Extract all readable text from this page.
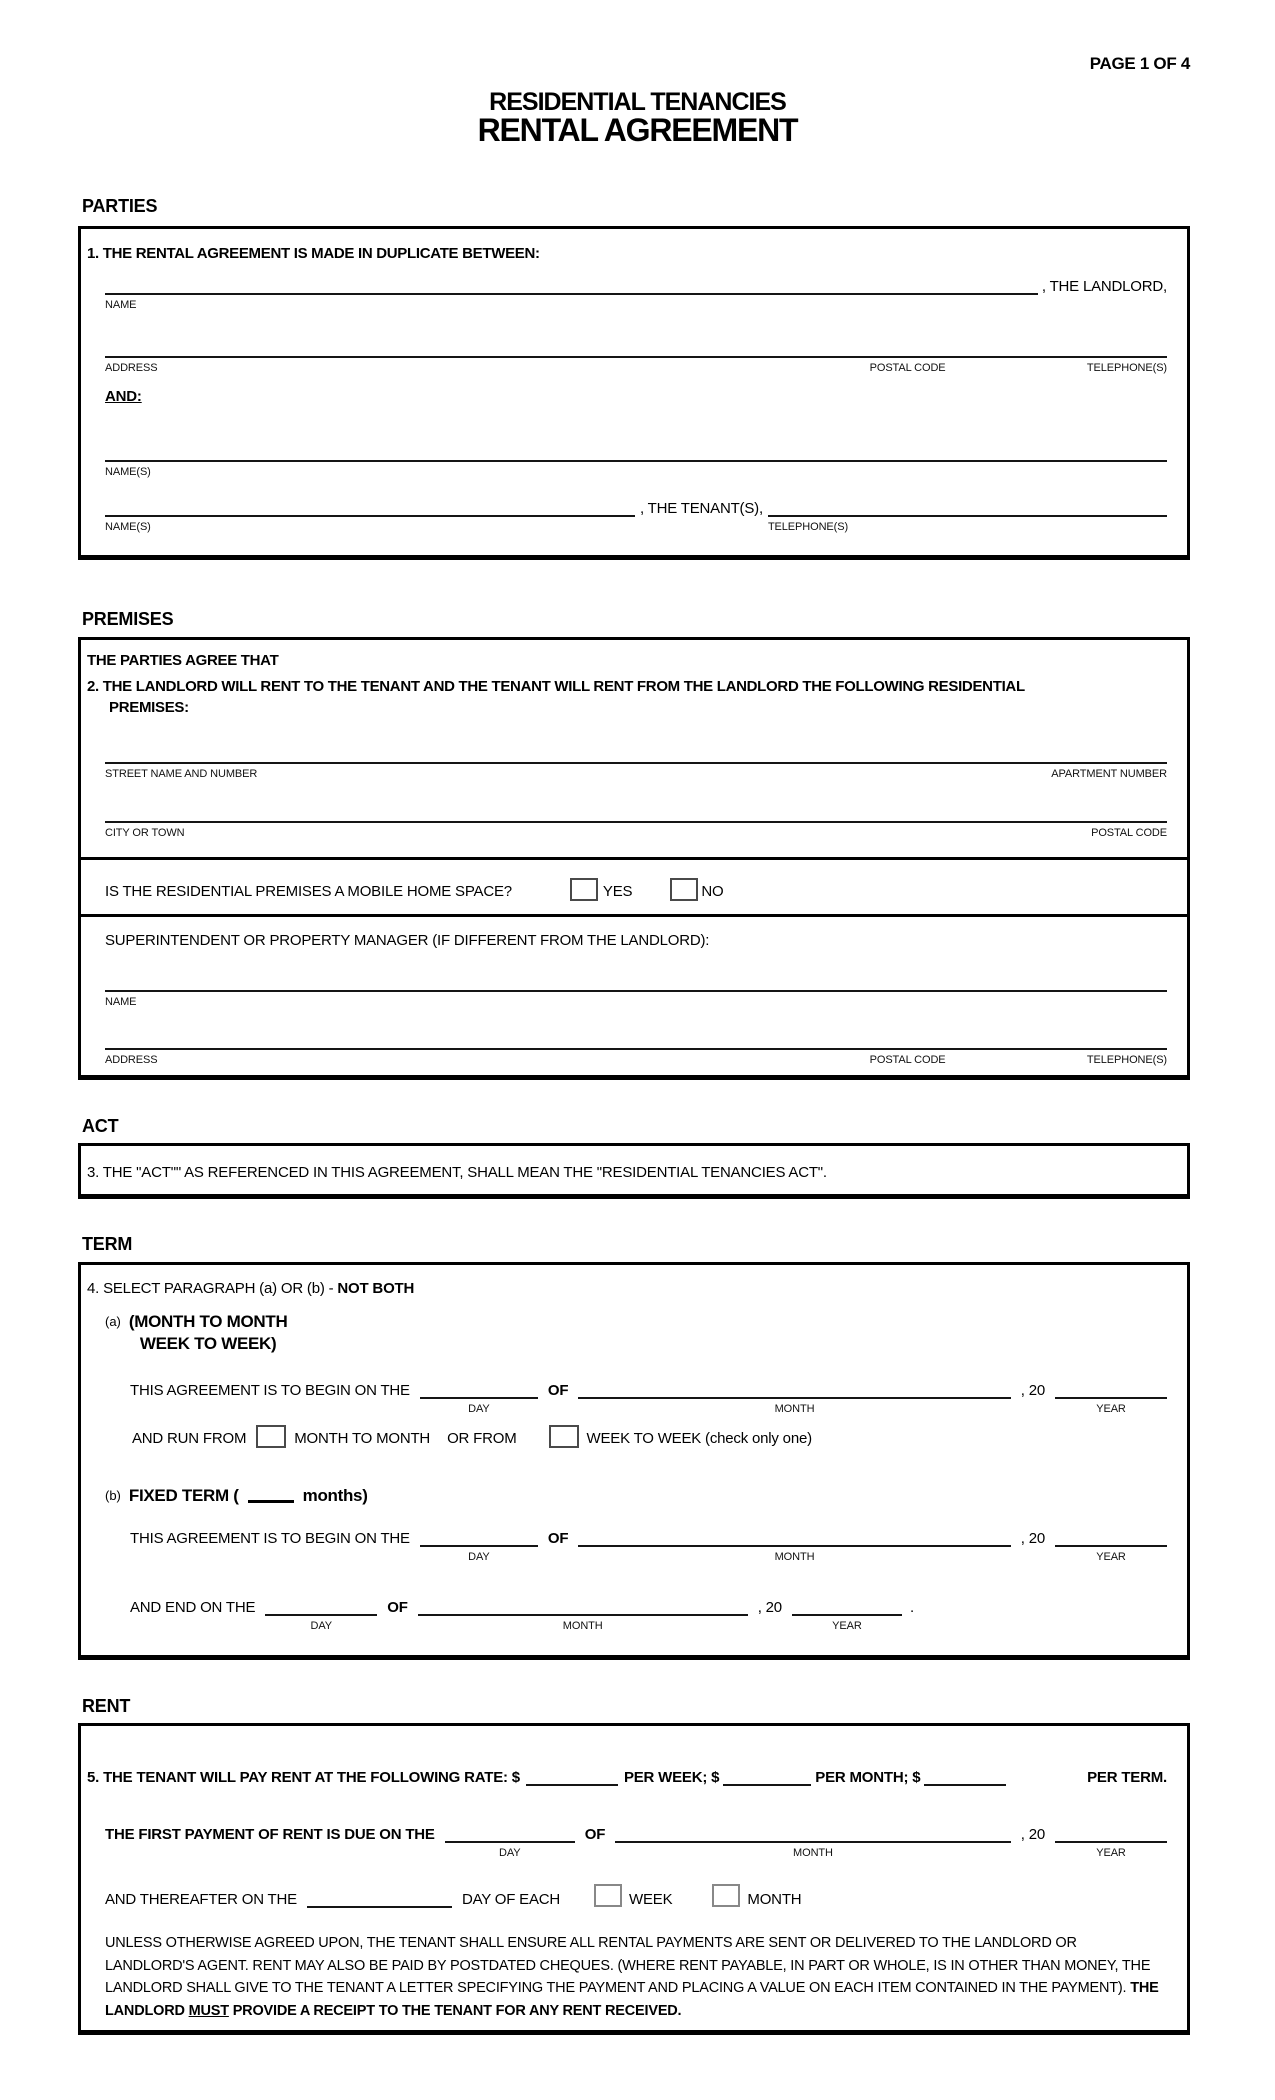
PAGE 1 OF 4
RESIDENTIAL TENANCIES
RENTAL AGREEMENT
PARTIES
1. THE RENTAL AGREEMENT IS MADE IN DUPLICATE BETWEEN:
NAME
, THE LANDLORD,
ADDRESS	POSTAL CODE	TELEPHONE(S)
AND:
NAME(S)
NAME(S)
, THE TENANT(S),
TELEPHONE(S)
PREMISES
THE PARTIES AGREE THAT
2. THE LANDLORD WILL RENT TO THE TENANT AND THE TENANT WILL RENT FROM THE LANDLORD THE FOLLOWING RESIDENTIAL
PREMISES:
STREET NAME AND NUMBER	APARTMENT NUMBER
CITY OR TOWN	POSTAL CODE
IS THE RESIDENTIAL PREMISES A MOBILE HOME SPACE?	YES	NO
SUPERINTENDENT OR PROPERTY MANAGER (IF DIFFERENT FROM THE LANDLORD):
NAME
ADDRESS	POSTAL CODE	TELEPHONE(S)
ACT
3. THE "ACT"" AS REFERENCED IN THIS AGREEMENT, SHALL MEAN THE "RESIDENTIAL TENANCIES ACT".
TERM
4. SELECT PARAGRAPH (a) OR (b) - NOT BOTH
(a) (MONTH TO MONTH
WEEK TO WEEK)
THIS AGREEMENT IS TO BEGIN ON THE
DAY
OF
MONTH
, 20
YEAR
AND RUN FROM	MONTH TO MONTH OR FROM	WEEK TO WEEK (check only one)
(b) FIXED TERM (	months)
THIS AGREEMENT IS TO BEGIN ON THE
DAY
OF
MONTH
, 20
YEAR
AND END ON THE
DAY
OF
MONTH
, 20
YEAR
.
RENT
5. THE TENANT WILL PAY RENT AT THE FOLLOWING RATE: $	PER WEEK; $	PER MONTH; $	PER TERM.
THE FIRST PAYMENT OF RENT IS DUE ON THE
DAY
OF
MONTH
, 20
YEAR
AND THEREAFTER ON THE	DAY OF EACH	WEEK	MONTH
UNLESS OTHERWISE AGREED UPON, THE TENANT SHALL ENSURE ALL RENTAL PAYMENTS ARE SENT OR DELIVERED TO THE LANDLORD OR LANDLORD'S AGENT. RENT MAY ALSO BE PAID BY POSTDATED CHEQUES. (WHERE RENT PAYABLE, IN PART OR WHOLE, IS IN OTHER THAN MONEY, THE LANDLORD SHALL GIVE TO THE TENANT A LETTER SPECIFYING THE PAYMENT AND PLACING A VALUE ON EACH ITEM CONTAINED IN THE PAYMENT). THE LANDLORD MUST PROVIDE A RECEIPT TO THE TENANT FOR ANY RENT RECEIVED.
